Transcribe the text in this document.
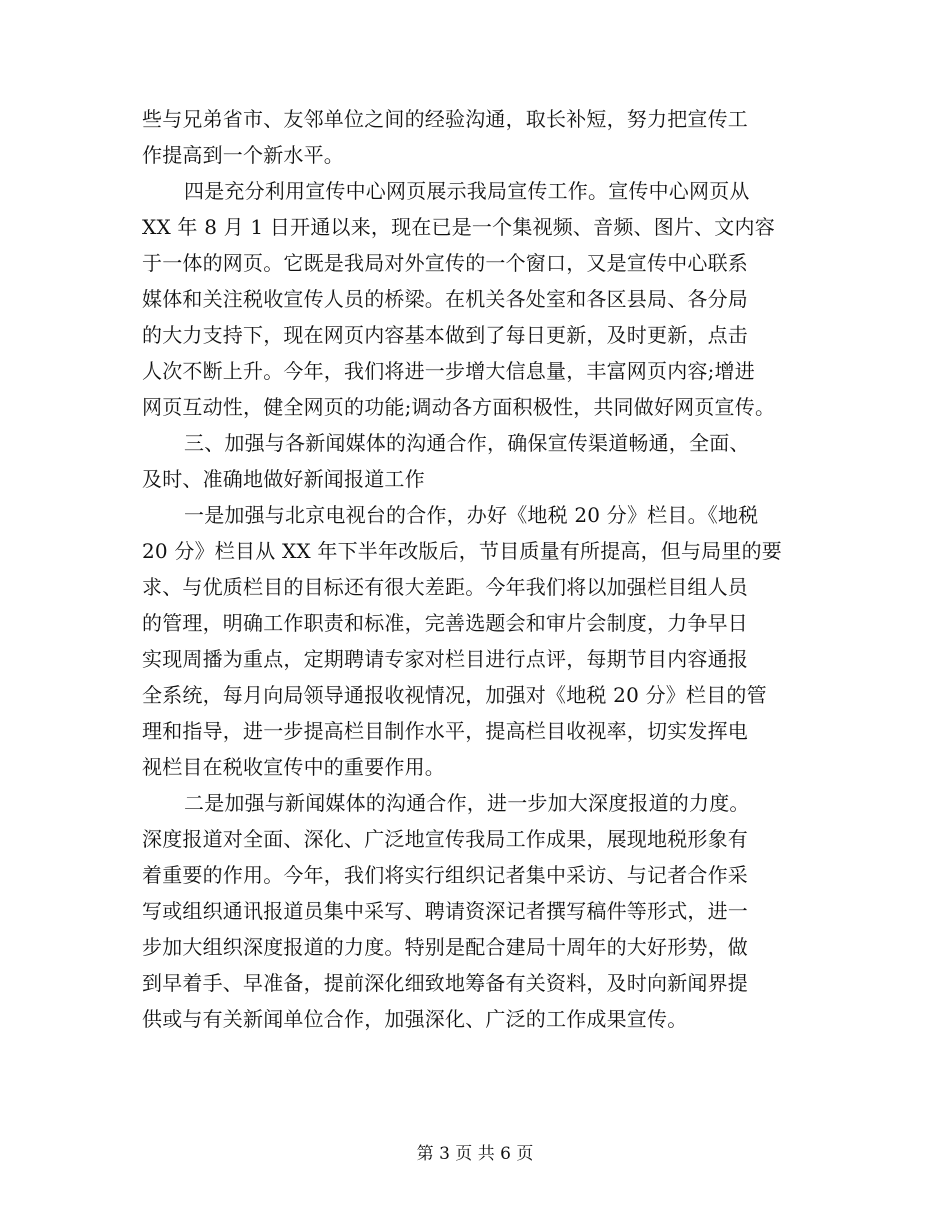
些与兄弟省市、友邻单位之间的经验沟通，取长补短，努力把宣传工
作提高到一个新水平。
四是充分利用宣传中心网页展示我局宣传工作。宣传中心网页从
XX 年 8 月 1 日开通以来，现在已是一个集视频、音频、图片、文内容
于一体的网页。它既是我局对外宣传的一个窗口，又是宣传中心联系
媒体和关注税收宣传人员的桥梁。在机关各处室和各区县局、各分局
的大力支持下，现在网页内容基本做到了每日更新，及时更新，点击
人次不断上升。今年，我们将进一步增大信息量，丰富网页内容;增进
网页互动性，健全网页的功能;调动各方面积极性，共同做好网页宣传。
三、加强与各新闻媒体的沟通合作，确保宣传渠道畅通，全面、
及时、准确地做好新闻报道工作
一是加强与北京电视台的合作，办好《地税 20 分》栏目。《地税
20 分》栏目从 XX 年下半年改版后，节目质量有所提高，但与局里的要
求、与优质栏目的目标还有很大差距。今年我们将以加强栏目组人员
的管理，明确工作职责和标准，完善选题会和审片会制度，力争早日
实现周播为重点，定期聘请专家对栏目进行点评，每期节目内容通报
全系统，每月向局领导通报收视情况，加强对《地税 20 分》栏目的管
理和指导，进一步提高栏目制作水平，提高栏目收视率，切实发挥电
视栏目在税收宣传中的重要作用。
二是加强与新闻媒体的沟通合作，进一步加大深度报道的力度。
深度报道对全面、深化、广泛地宣传我局工作成果，展现地税形象有
着重要的作用。今年，我们将实行组织记者集中采访、与记者合作采
写或组织通讯报道员集中采写、聘请资深记者撰写稿件等形式，进一
步加大组织深度报道的力度。特别是配合建局十周年的大好形势，做
到早着手、早准备，提前深化细致地筹备有关资料，及时向新闻界提
供或与有关新闻单位合作，加强深化、广泛的工作成果宣传。
第 3 页 共 6 页
